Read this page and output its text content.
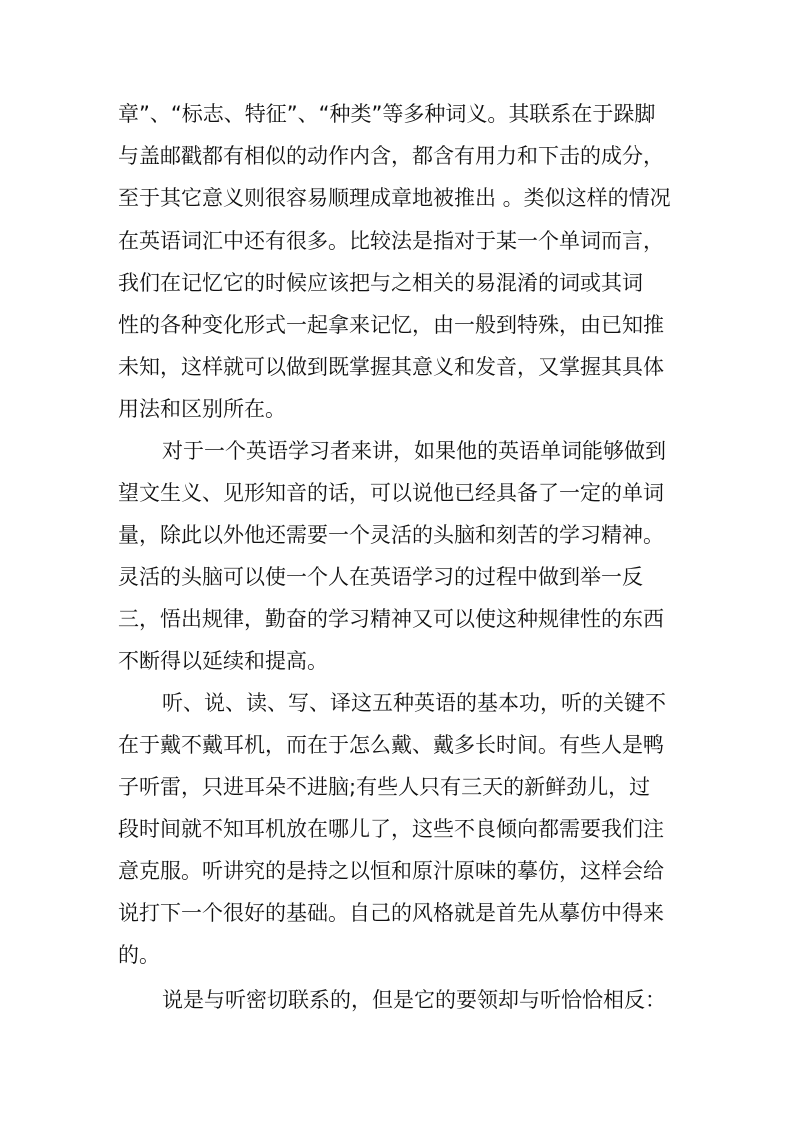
章”、“标志、特征”、“种类”等多种词义。其联系在于跺脚
与盖邮戳都有相似的动作内含，都含有用力和下击的成分，
至于其它意义则很容易顺理成章地被推出 。类似这样的情况
在英语词汇中还有很多。比较法是指对于某一个单词而言，
我们在记忆它的时候应该把与之相关的易混淆的词或其词
性的各种变化形式一起拿来记忆，由一般到特殊，由已知推
未知，这样就可以做到既掌握其意义和发音，又掌握其具体
用法和区别所在。
对于一个英语学习者来讲，如果他的英语单词能够做到
望文生义、见形知音的话，可以说他已经具备了一定的单词
量，除此以外他还需要一个灵活的头脑和刻苦的学习精神。
灵活的头脑可以使一个人在英语学习的过程中做到举一反
三，悟出规律，勤奋的学习精神又可以使这种规律性的东西
不断得以延续和提高。
听、说、读、写、译这五种英语的基本功，听的关键不
在于戴不戴耳机，而在于怎么戴、戴多长时间。有些人是鸭
子听雷，只进耳朵不进脑;有些人只有三天的新鲜劲儿，过
段时间就不知耳机放在哪儿了，这些不良倾向都需要我们注
意克服。听讲究的是持之以恒和原汁原味的摹仿，这样会给
说打下一个很好的基础。自己的风格就是首先从摹仿中得来
的。
说是与听密切联系的，但是它的要领却与听恰恰相反：
